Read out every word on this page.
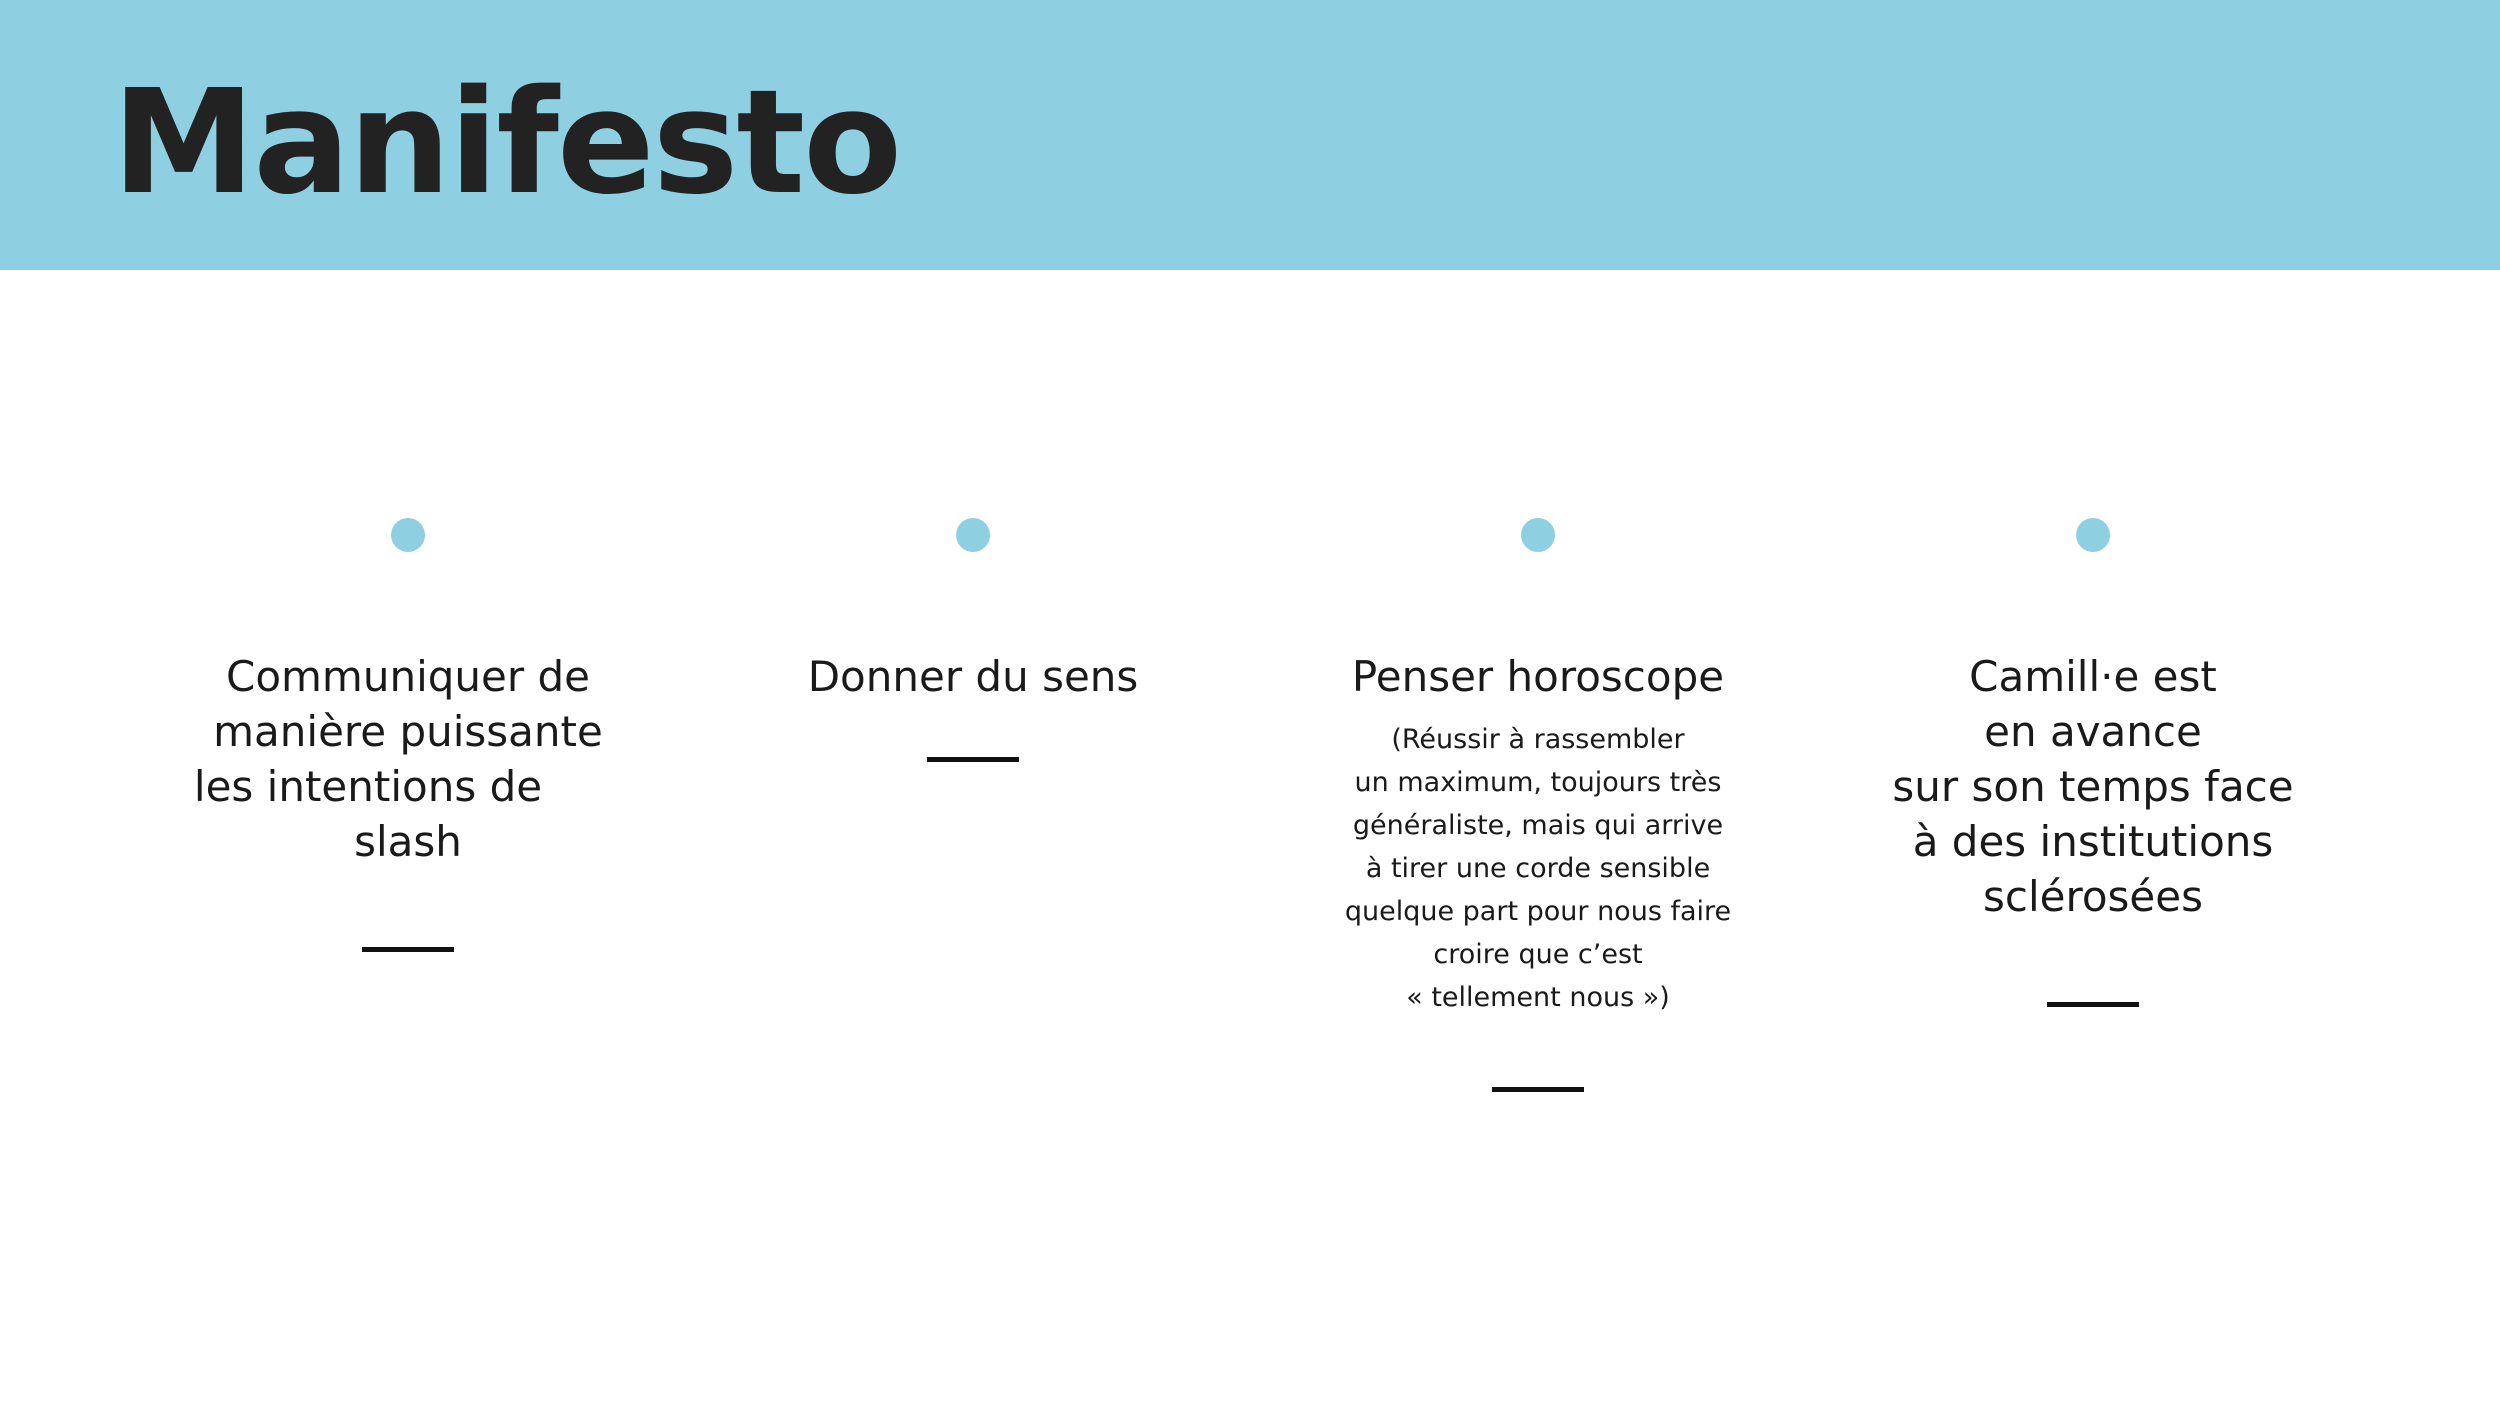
Manifesto
Communiquer de
manière puissante
les intentions de
slash
Donner du sens	Penser horoscope

(Réussir à rassembler
un maximum, toujours très
généraliste, mais qui arrive
à tirer une corde sensible
quelque part pour nous faire
croire que c’est
« tellement nous »)

Camill·e est
en avance
sur son temps face
à des institutions
sclérosées
